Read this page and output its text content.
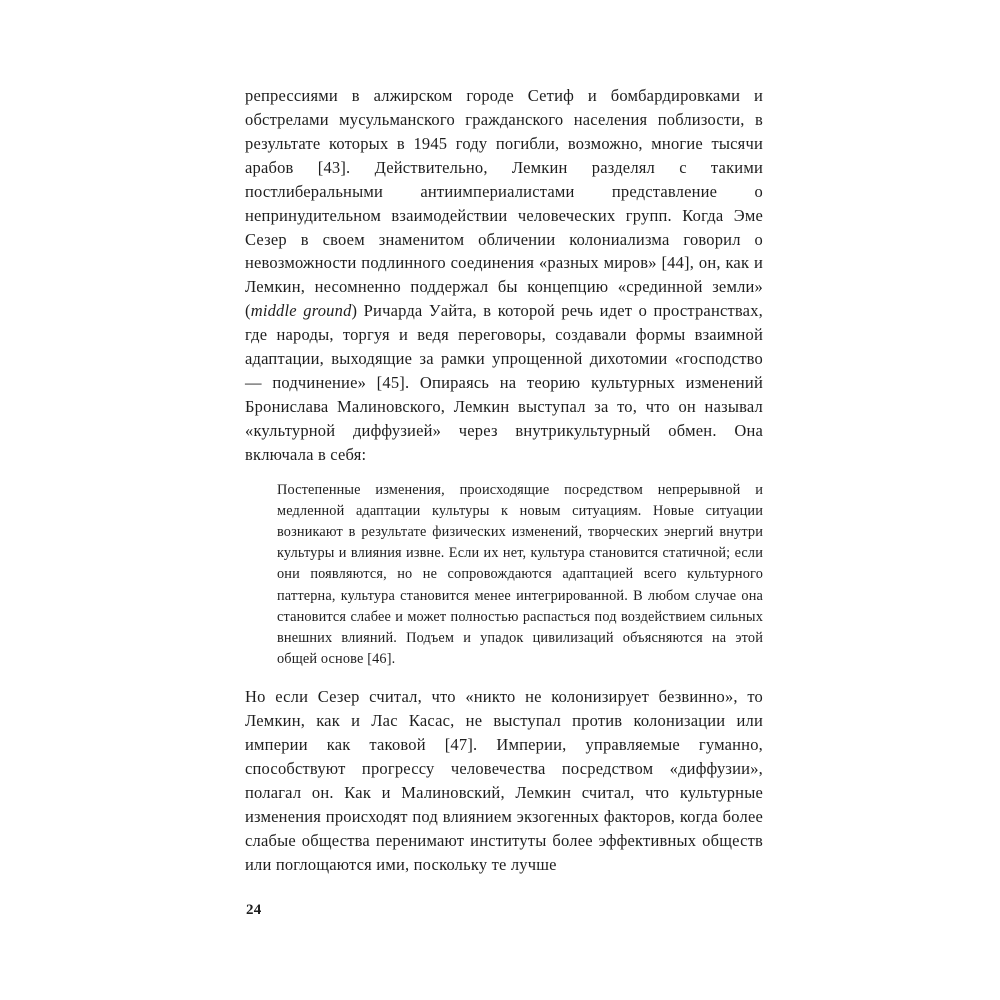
репрессиями в алжирском городе Сетиф и бомбардировками и обстрелами мусульманского гражданского населения поблизости, в результате которых в 1945 году погибли, возможно, многие тысячи арабов [43]. Действительно, Лемкин разделял с такими постлиберальными антиимпериалистами представление о непринудительном взаимодействии человеческих групп. Когда Эме Сезер в своем знаменитом обличении колониализма говорил о невозможности подлинного соединения «разных миров» [44], он, как и Лемкин, несомненно поддержал бы концепцию «срединной земли» (middle ground) Ричарда Уайта, в которой речь идет о пространствах, где народы, торгуя и ведя переговоры, создавали формы взаимной адаптации, выходящие за рамки упрощенной дихотомии «господство — подчинение» [45]. Опираясь на теорию культурных изменений Бронислава Малиновского, Лемкин выступал за то, что он называл «культурной диффузией» через внутрикультурный обмен. Она включала в себя:

Постепенные изменения, происходящие посредством непрерывной и медленной адаптации культуры к новым ситуациям. Новые ситуации возникают в результате физических изменений, творческих энергий внутри культуры и влияния извне. Если их нет, культура становится статичной; если они появляются, но не сопровождаются адаптацией всего культурного паттерна, культура становится менее интегрированной. В любом случае она становится слабее и может полностью распасться под воздействием сильных внешних влияний. Подъем и упадок цивилизаций объясняются на этой общей основе [46].

Но если Сезер считал, что «никто не колонизирует безвинно», то Лемкин, как и Лас Касас, не выступал против колонизации или империи как таковой [47]. Империи, управляемые гуманно, способствуют прогрессу человечества посредством «диффузии», полагал он. Как и Малиновский, Лемкин считал, что культурные изменения происходят под влиянием экзогенных факторов, когда более слабые общества перенимают институты более эффективных обществ или поглощаются ими, поскольку те лучше

24
